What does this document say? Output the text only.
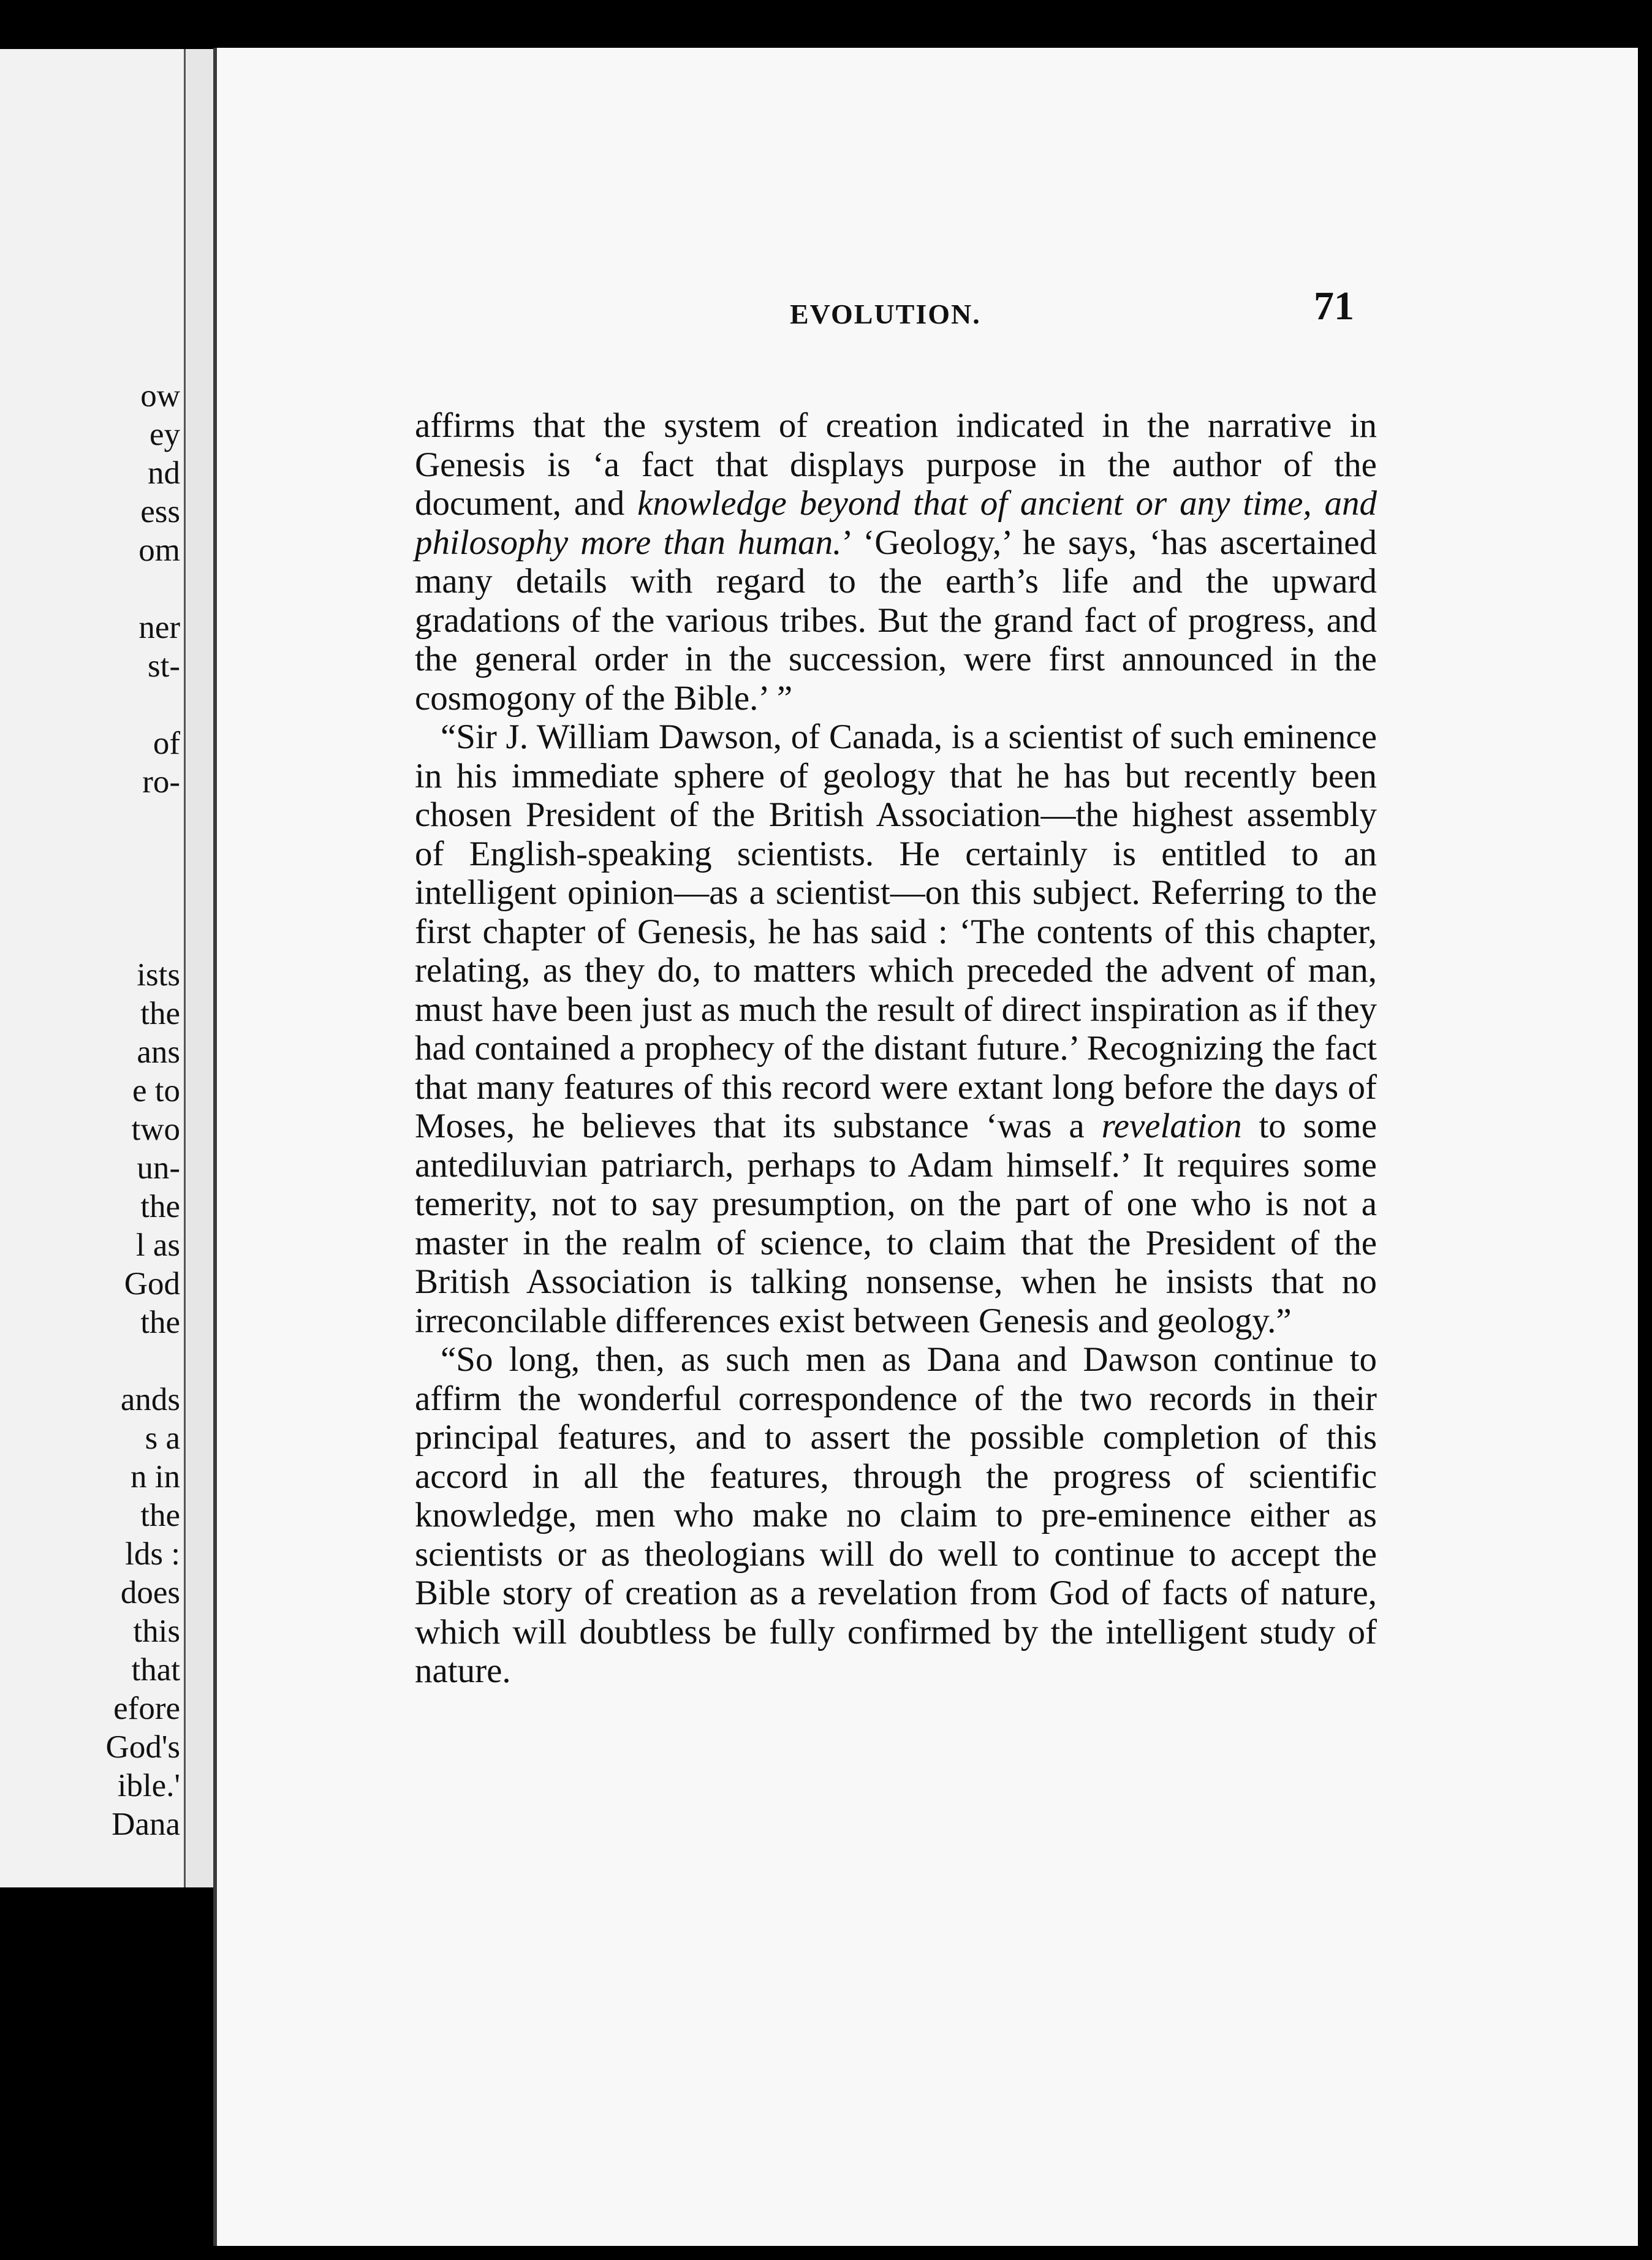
ow
ey
nd
ess
om

ner
st-

of
ro-

ists
the
ans
e to
two
un-
the
l as
God
the

ands
s a
n in
the
lds :
does
this
that
efore
God's
ible.'
Dana
EVOLUTION.	71

affirms that the system of creation indicated in the narrative in Genesis is ‘a fact that displays purpose in the author of the document, and knowledge beyond that of ancient or any time, and philosophy more than human.’ ‘Geology,’ he says, ‘has ascertained many details with regard to the earth’s life and the upward gradations of the various tribes. But the grand fact of progress, and the general order in the succession, were first announced in the cosmogony of the Bible.’ ”

“Sir J. William Dawson, of Canada, is a scientist of such eminence in his immediate sphere of geology that he has but recently been chosen President of the British Association—the highest assembly of English-speaking scientists. He certainly is entitled to an intelligent opinion—as a scientist—on this subject. Referring to the first chapter of Genesis, he has said : ‘The contents of this chapter, relating, as they do, to matters which preceded the advent of man, must have been just as much the result of direct inspiration as if they had contained a prophecy of the distant future.’ Recognizing the fact that many features of this record were extant long before the days of Moses, he believes that its substance ‘was a revelation to some antediluvian patriarch, perhaps to Adam himself.’ It requires some temerity, not to say presumption, on the part of one who is not a master in the realm of science, to claim that the President of the British Association is talking nonsense, when he insists that no irreconcilable differences exist between Genesis and geology.”

“So long, then, as such men as Dana and Dawson continue to affirm the wonderful correspondence of the two records in their principal features, and to assert the possible completion of this accord in all the features, through the progress of scientific knowledge, men who make no claim to pre-eminence either as scientists or as theologians will do well to continue to accept the Bible story of creation as a revelation from God of facts of nature, which will doubtless be fully confirmed by the intelligent study of nature.
